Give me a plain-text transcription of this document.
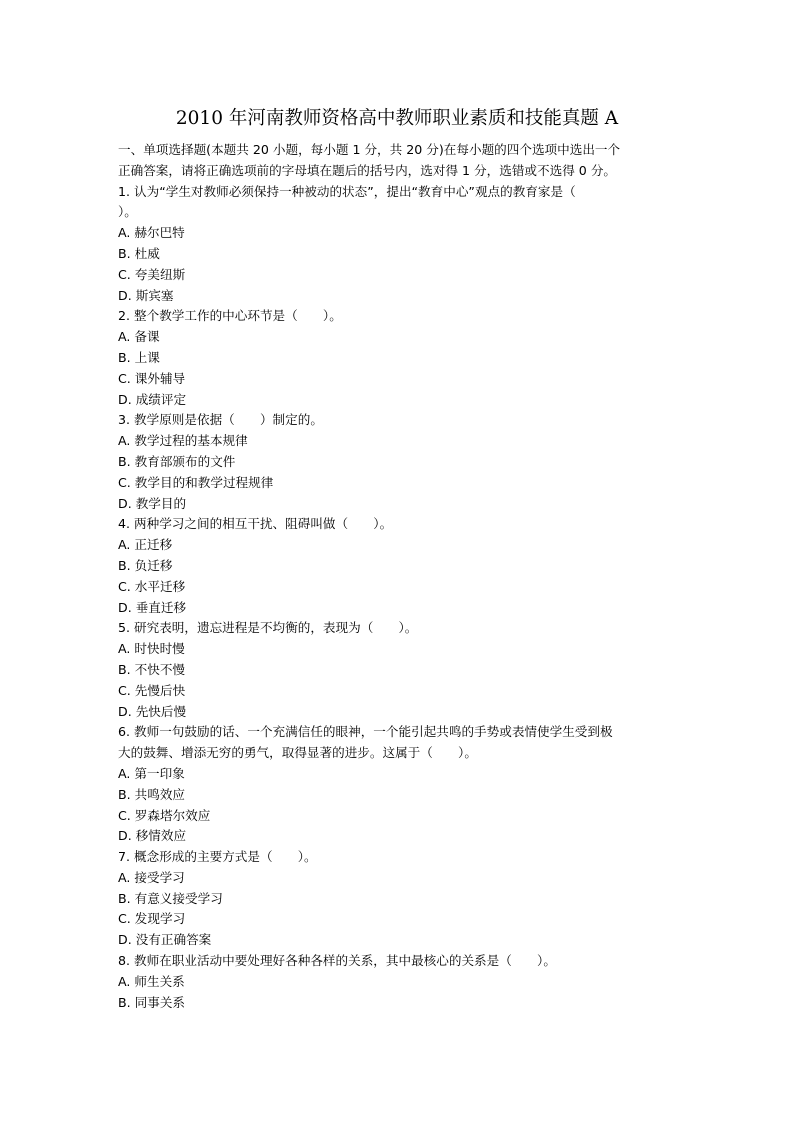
2010 年河南教师资格高中教师职业素质和技能真题 A
一、单项选择题(本题共 20 小题，每小题 1 分，共 20 分)在每小题的四个选项中选出一个
正确答案，请将正确选项前的字母填在题后的括号内，选对得 1 分，选错或不选得 0 分。
1. 认为“学生对教师必须保持一种被动的状态”，提出“教育中心”观点的教育家是（
）。
A. 赫尔巴特
B. 杜威
C. 夸美纽斯
D. 斯宾塞
2. 整个教学工作的中心环节是（　　）。
A. 备课
B. 上课
C. 课外辅导
D. 成绩评定
3. 教学原则是依据（　　）制定的。
A. 教学过程的基本规律
B. 教育部颁布的文件
C. 教学目的和教学过程规律
D. 教学目的
4. 两种学习之间的相互干扰、阻碍叫做（　　）。
A. 正迁移
B. 负迁移
C. 水平迁移
D. 垂直迁移
5. 研究表明，遗忘进程是不均衡的，表现为（　　）。
A. 时快时慢
B. 不快不慢
C. 先慢后快
D. 先快后慢
6. 教师一句鼓励的话、一个充满信任的眼神，一个能引起共鸣的手势或表情使学生受到极
大的鼓舞、增添无穷的勇气，取得显著的进步。这属于（　　）。
A. 第一印象
B. 共鸣效应
C. 罗森塔尔效应
D. 移情效应
7. 概念形成的主要方式是（　　）。
A. 接受学习
B. 有意义接受学习
C. 发现学习
D. 没有正确答案
8. 教师在职业活动中要处理好各种各样的关系，其中最核心的关系是（　　）。
A. 师生关系
B. 同事关系
